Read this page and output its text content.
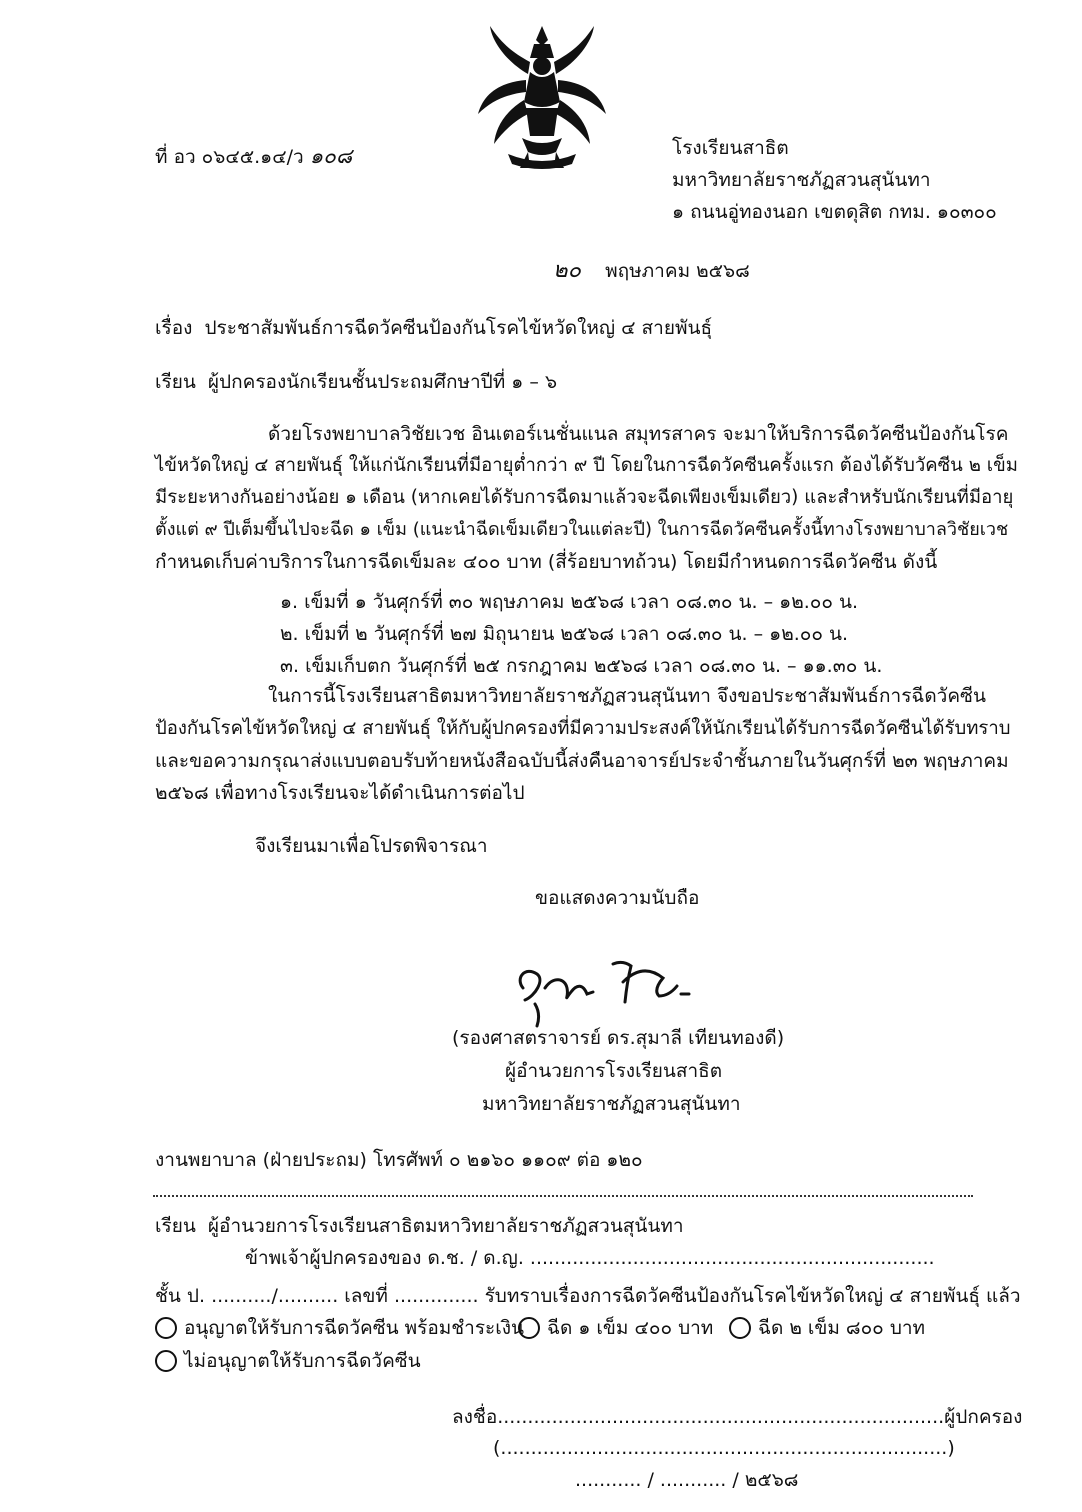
ที่ อว ๐๖๔๕.๑๔/ว ๑๐๘	โรงเรียนสาธิต
มหาวิทยาลัยราชภัฏสวนสุนันทา
๑ ถนนอู่ทองนอก เขตดุสิต กทม. ๑๐๓๐๐
๒๐ พฤษภาคม ๒๕๖๘
เรื่อง ประชาสัมพันธ์การฉีดวัคซีนป้องกันโรคไข้หวัดใหญ่ ๔ สายพันธุ์
เรียน ผู้ปกครองนักเรียนชั้นประถมศึกษาปีที่ ๑ – ๖
ด้วยโรงพยาบาลวิชัยเวช อินเตอร์เนชั่นแนล สมุทรสาคร จะมาให้บริการฉีดวัคซีนป้องกันโรค
ไข้หวัดใหญ่ ๔ สายพันธุ์ ให้แก่นักเรียนที่มีอายุต่ำกว่า ๙ ปี โดยในการฉีดวัคซีนครั้งแรก ต้องได้รับวัคซีน ๒ เข็ม
มีระยะหางกันอย่างน้อย ๑ เดือน (หากเคยได้รับการฉีดมาแล้วจะฉีดเพียงเข็มเดียว) และสำหรับนักเรียนที่มีอายุ
ตั้งแต่ ๙ ปีเต็มขึ้นไปจะฉีด ๑ เข็ม (แนะนำฉีดเข็มเดียวในแต่ละปี) ในการฉีดวัคซีนครั้งนี้ทางโรงพยาบาลวิชัยเวช
กำหนดเก็บค่าบริการในการฉีดเข็มละ ๔๐๐ บาท (สี่ร้อยบาทถ้วน) โดยมีกำหนดการฉีดวัคซีน ดังนี้
๑. เข็มที่ ๑ วันศุกร์ที่ ๓๐ พฤษภาคม ๒๕๖๘ เวลา ๐๘.๓๐ น. – ๑๒.๐๐ น.
๒. เข็มที่ ๒ วันศุกร์ที่ ๒๗ มิถุนายน ๒๕๖๘ เวลา ๐๘.๓๐ น. – ๑๒.๐๐ น.
๓. เข็มเก็บตก วันศุกร์ที่ ๒๕ กรกฎาคม ๒๕๖๘ เวลา ๐๘.๓๐ น. – ๑๑.๓๐ น.
ในการนี้โรงเรียนสาธิตมหาวิทยาลัยราชภัฏสวนสุนันทา จึงขอประชาสัมพันธ์การฉีดวัคซีน
ป้องกันโรคไข้หวัดใหญ่ ๔ สายพันธุ์ ให้กับผู้ปกครองที่มีความประสงค์ให้นักเรียนได้รับการฉีดวัคซีนได้รับทราบ
และขอความกรุณาส่งแบบตอบรับท้ายหนังสือฉบับนี้ส่งคืนอาจารย์ประจำชั้นภายในวันศุกร์ที่ ๒๓ พฤษภาคม
๒๕๖๘ เพื่อทางโรงเรียนจะได้ดำเนินการต่อไป
จึงเรียนมาเพื่อโปรดพิจารณา
ขอแสดงความนับถือ
(รองศาสตราจารย์ ดร.สุมาลี เทียนทองดี)
ผู้อำนวยการโรงเรียนสาธิต
มหาวิทยาลัยราชภัฏสวนสุนันทา
งานพยาบาล (ฝ่ายประถม) โทรศัพท์ ๐ ๒๑๖๐ ๑๑๐๙ ต่อ ๑๒๐
เรียน ผู้อำนวยการโรงเรียนสาธิตมหาวิทยาลัยราชภัฏสวนสุนันทา
ข้าพเจ้าผู้ปกครองของ ด.ช. / ด.ญ. ...................................................................
ชั้น ป. ........../.......... เลขที่ .............. รับทราบเรื่องการฉีดวัคซีนป้องกันโรคไข้หวัดใหญ่ ๔ สายพันธุ์ แล้ว
อนุญาตให้รับการฉีดวัคซีน พร้อมชำระเงิน ฉีด ๑ เข็ม ๔๐๐ บาท ฉีด ๒ เข็ม ๘๐๐ บาท
ไม่อนุญาตให้รับการฉีดวัคซีน
ลงชื่อ..........................................................................ผู้ปกครอง
(..........................................................................)
........... / ........... / ๒๕๖๘
